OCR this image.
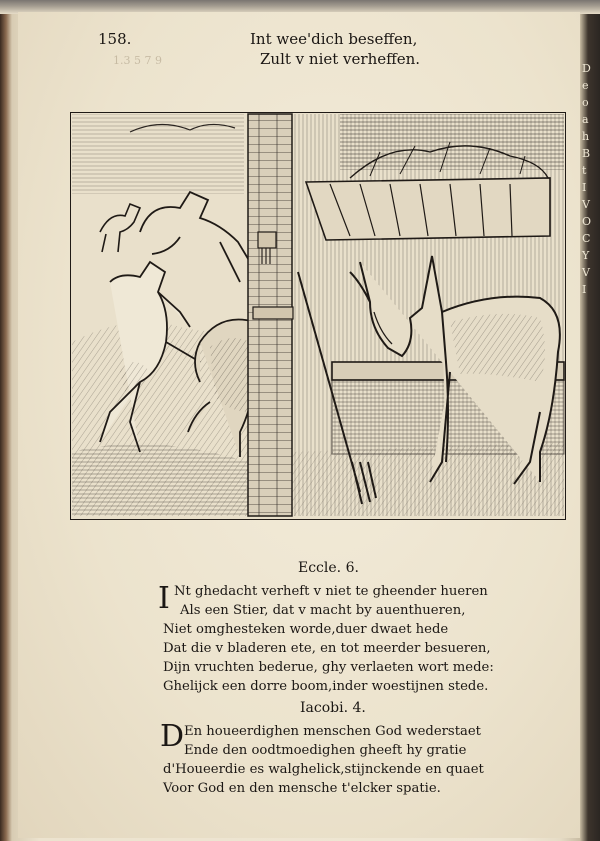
158.	Int wee'dich beseffen,
Zult v niet verheffen.
1.3 5 7 9
Eccle. 6.
I Nt ghedacht verheft v niet te gheender hueren
Als een Stier, dat v macht by auenthueren,
Niet omghesteken worde,duer dwaet hede
Dat die v bladeren ete, en tot meerder besueren,
Dijn vruchten bederue, ghy verlaeten wort mede:
Ghelijck een dorre boom,inder woestijnen stede.
Iacobi. 4.
D En houeerdighen menschen God wederstaet
Ende den oodtmoedighen gheeft hy gratie
d'Houeerdie es walghelick,stijnckende en quaet
Voor God en den mensche t'elcker spatie.
D
e
o
a
h
B
t
I
V
O
C
Y
V
I
